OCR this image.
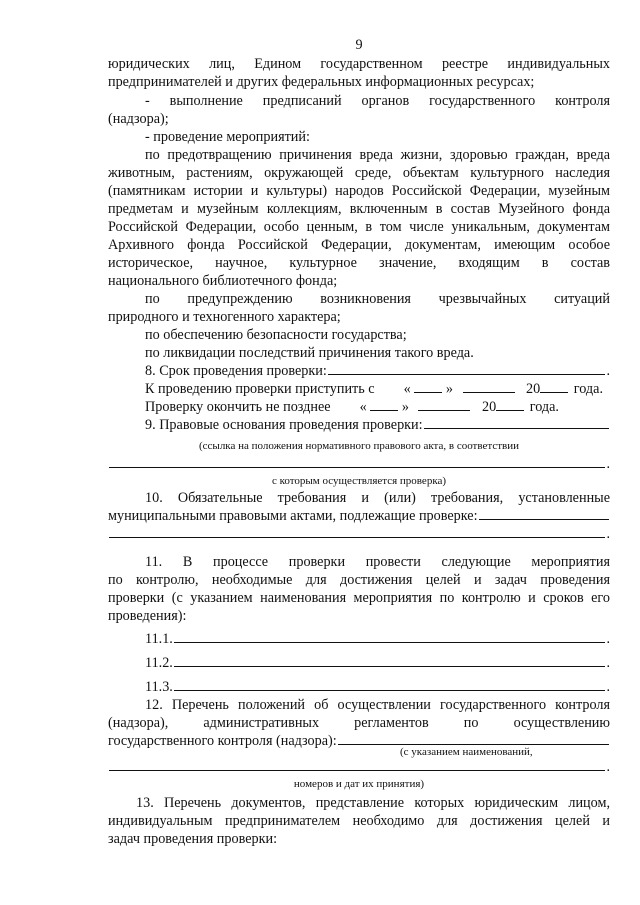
9
юридических лиц, Едином государственном реестре индивидуальных
предпринимателей и других федеральных информационных ресурсах;
- выполнение предписаний органов государственного контроля
(надзора);
- проведение мероприятий:
по предотвращению причинения вреда жизни, здоровью граждан, вреда
животным, растениям, окружающей среде, объектам культурного наследия
(памятникам истории и культуры) народов Российской Федерации, музейным
предметам и музейным коллекциям, включенным в состав Музейного фонда
Российской Федерации, особо ценным, в том числе уникальным, документам
Архивного фонда Российской Федерации, документам, имеющим особое
историческое, научное, культурное значение, входящим в состав
национального библиотечного фонда;
по предупреждению возникновения чрезвычайных ситуаций
природного и техногенного характера;
по обеспечению безопасности государства;
по ликвидации последствий причинения такого вреда.
8. Срок проведения проверки:	.
К проведению проверки приступить с « »	20 года.
Проверку окончить не позднее « »	20 года.
9. Правовые основания проведения проверки:
(ссылка на положения нормативного правового акта, в соответствии
.
с которым осуществляется проверка)
10. Обязательные требования и (или) требования, установленные
муниципальными правовыми актами, подлежащие проверке:
.
11. В процессе проверки провести следующие мероприятия
по контролю, необходимые для достижения целей и задач проведения
проверки (с указанием наименования мероприятия по контролю и сроков его
проведения):
11.1.	.
11.2.	.
11.3.	.
12. Перечень положений об осуществлении государственного контроля
(надзора), административных регламентов по осуществлению
государственного контроля (надзора):
(с указанием наименований,
.
номеров и дат их принятия)
13. Перечень документов, представление которых юридическим лицом,
индивидуальным предпринимателем необходимо для достижения целей и
задач проведения проверки:
